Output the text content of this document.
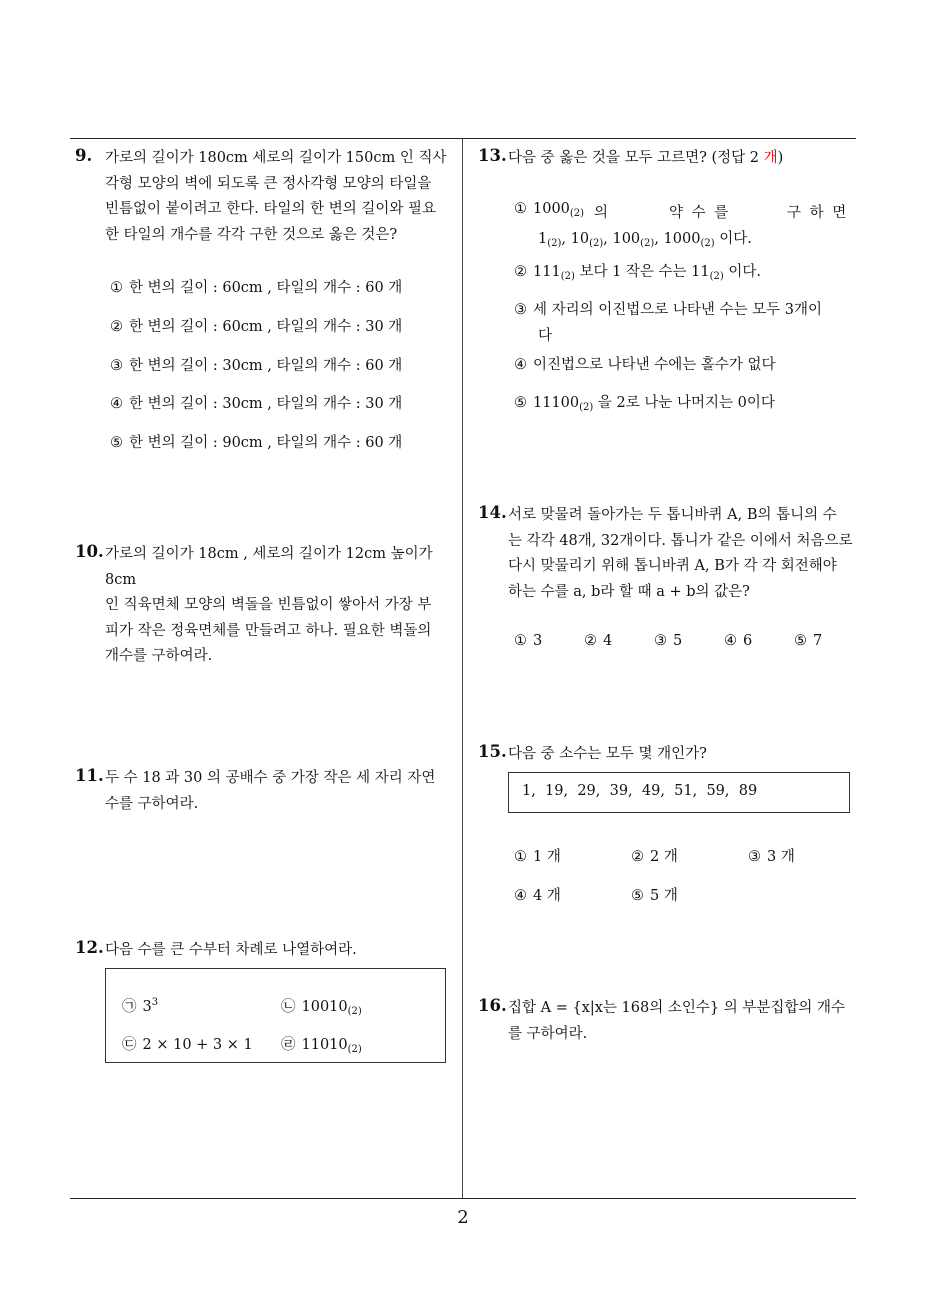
2
9. 가로의 길이가 180cm 세로의 길이가 150cm 인 직사
각형 모양의 벽에 되도록 큰 정사각형 모양의 타일을
빈틈없이 붙이려고 한다. 타일의 한 변의 길이와 필요
한 타일의 개수를 각각 구한 것으로 옳은 것은?
① 한 변의 길이 : 60cm , 타일의 개수 : 60 개
② 한 변의 길이 : 60cm , 타일의 개수 : 30 개
③ 한 변의 길이 : 30cm , 타일의 개수 : 60 개
④ 한 변의 길이 : 30cm , 타일의 개수 : 30 개
⑤ 한 변의 길이 : 90cm , 타일의 개수 : 60 개
10. 가로의 길이가 18cm , 세로의 길이가 12cm 높이가 8cm
인 직육면체 모양의 벽돌을 빈틈없이 쌓아서 가장 부
피가 작은 정육면체를 만들려고 하나. 필요한 벽돌의
개수를 구하여라.
11. 두 수 18 과 30 의 공배수 중 가장 작은 세 자리 자연
수를 구하여라.
12. 다음 수를 큰 수부터 차례로 나열하여라.
㉠ $3^3$	㉡ $10010_{(2)}$
㉢ 2 × 10 + 3 × 1 ㉣ $11010_{(2)}$
13. 다음 중 옳은 것을 모두 고르면? (정답 2 개)
① $1000_{(2)}$ 의	약 수 를	구 하 면
$1_{(2)}$, $10_{(2)}$, $100_{(2)}$, $1000_{(2)}$ 이다.
② $111_{(2)}$ 보다 1 작은 수는 $11_{(2)}$ 이다.
③ 세 자리의 이진법으로 나타낸 수는 모두 3개이
다
④ 이진법으로 나타낸 수에는 홀수가 없다
⑤ $11100_{(2)}$ 을 2로 나눈 나머지는 0이다
14. 서로 맞물려 돌아가는 두 톱니바퀴 A, B의 톱니의 수
는 각각 48개, 32개이다. 톱니가 같은 이에서 처음으로
다시 맞물리기 위해 톱니바퀴 A, B가 각 각 회전해야
하는 수를 a, b라 할 때 a + b의 값은?
① 3	② 4	③ 5	④ 6	⑤ 7
15. 다음 중 소수는 모두 몇 개인가?
1,  19,  29,  39,  49,  51,  59,  89
① 1 개	② 2 개	③ 3 개
④ 4 개	⑤ 5 개
16. 집합 A = {x|x는 168의 소인수} 의 부분집합의 개수
를 구하여라.
